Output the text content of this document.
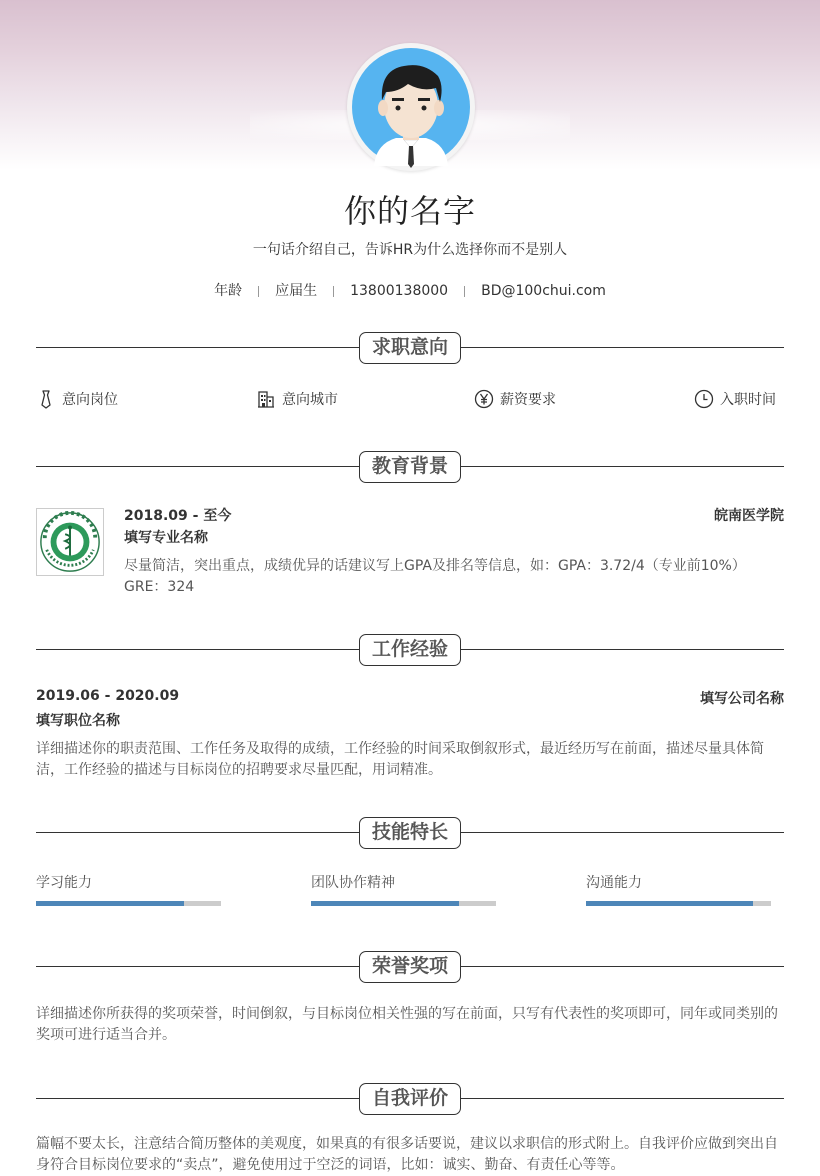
你的名字
一句话介绍自己，告诉HR为什么选择你而不是别人
年龄 应届生 13800138000 BD@100chui.com
求职意向
意向岗位	意向城市	薪资要求	入职时间
教育背景
2018.09 - 至今	皖南医学院
填写专业名称
尽量简洁，突出重点，成绩优异的话建议写上GPA及排名等信息，如：GPA：3.72/4（专业前10%） GRE：324
工作经验
2019.06 - 2020.09	填写公司名称
填写职位名称
详细描述你的职责范围、工作任务及取得的成绩，工作经验的时间采取倒叙形式，最近经历写在前面，描述尽量具体简洁，工作经验的描述与目标岗位的招聘要求尽量匹配，用词精准。
技能特长
学习能力	团队协作精神	沟通能力
荣誉奖项
详细描述你所获得的奖项荣誉，时间倒叙，与目标岗位相关性强的写在前面，只写有代表性的奖项即可，同年或同类别的奖项可进行适当合并。
自我评价
篇幅不要太长，注意结合简历整体的美观度，如果真的有很多话要说，建议以求职信的形式附上。自我评价应做到突出自身符合目标岗位要求的“卖点”，避免使用过于空泛的词语，比如：诚实、勤奋、有责任心等等。
